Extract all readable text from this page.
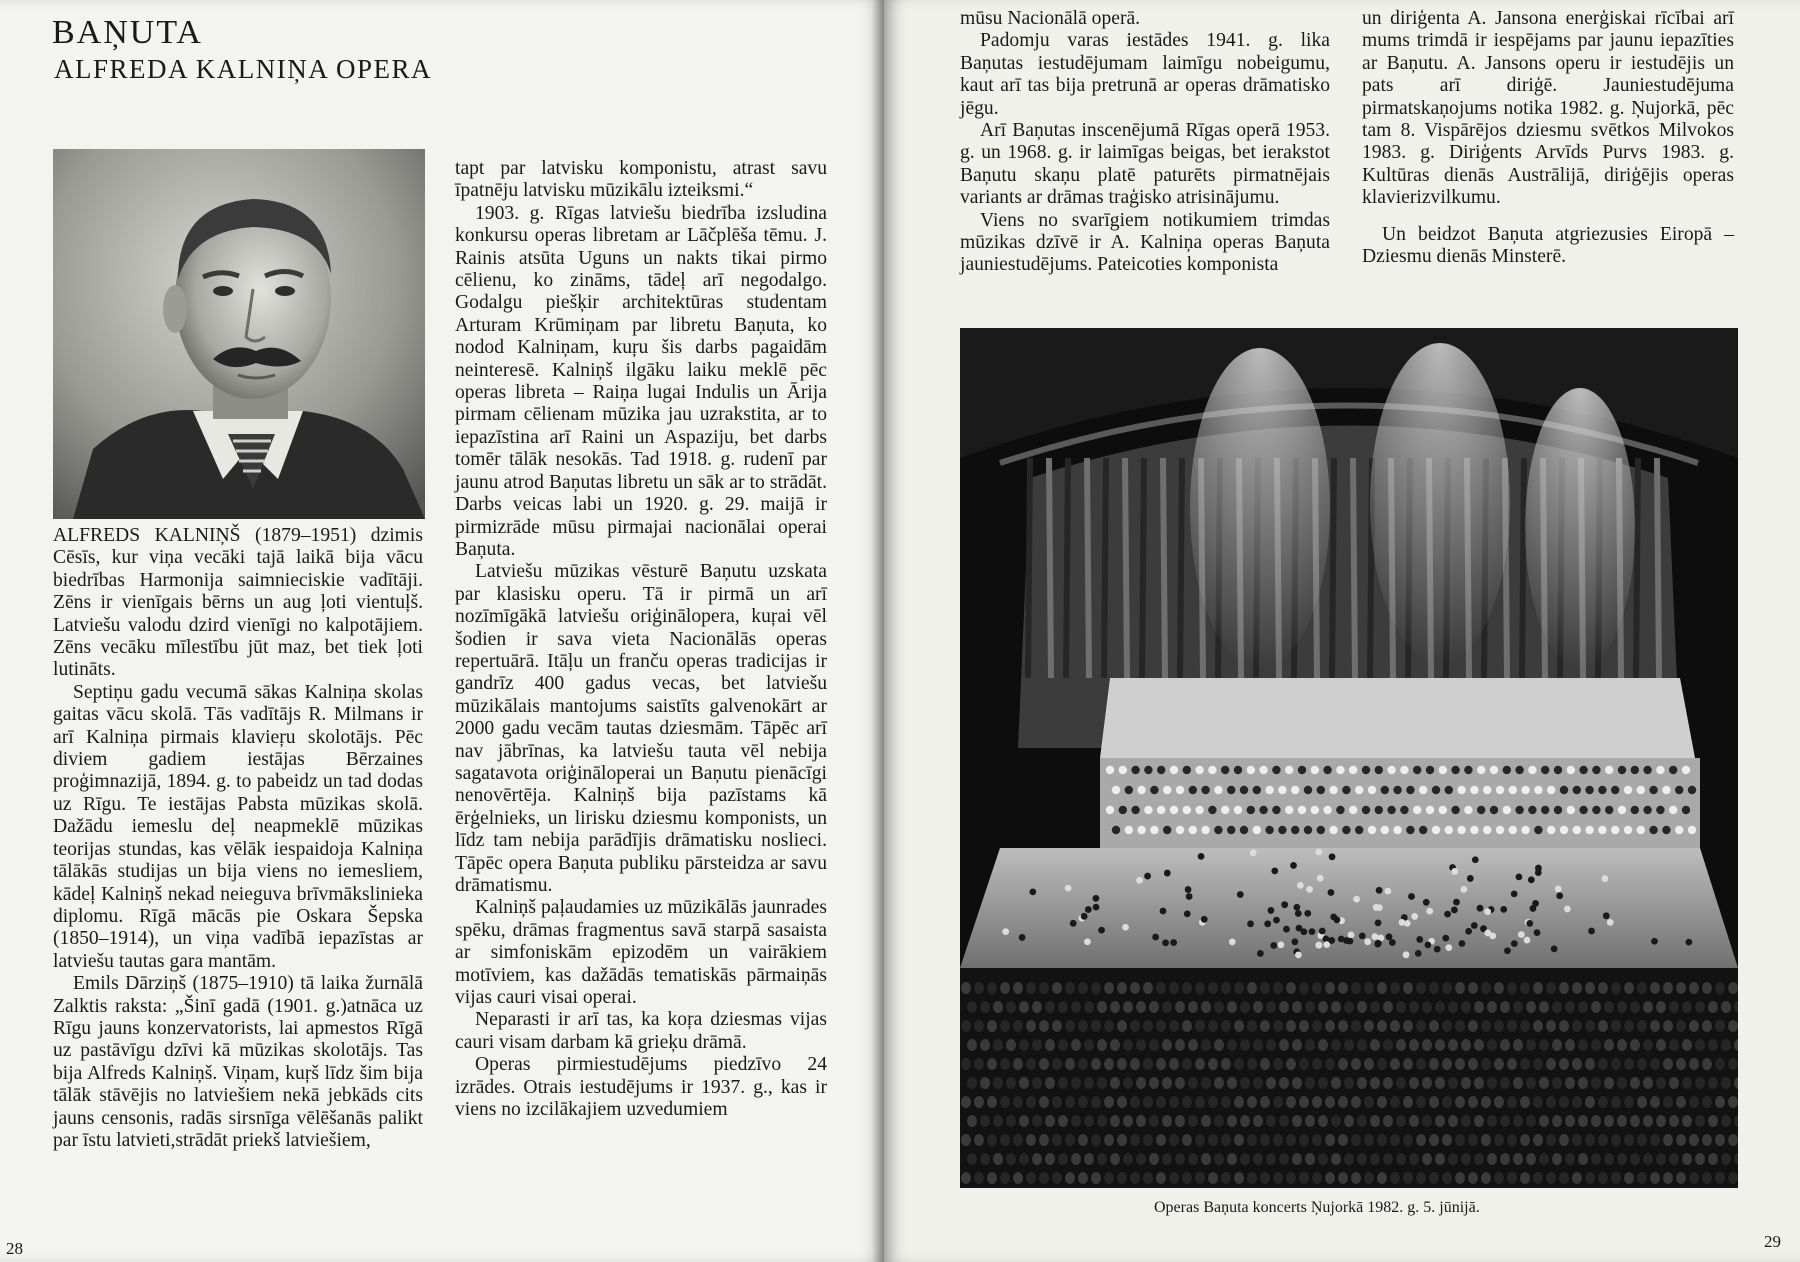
BAŅUTA
ALFREDA KALNIŅA OPERA

ALFREDS KALNIŅŠ (1879–1951) dzimis Cēsīs, kur viņa vecāki tajā laikā bija vācu biedrības Harmonija saimnieciskie vadītāji. Zēns ir vienīgais bērns un aug ļoti vientuļš. Latviešu valodu dzird vienīgi no kalpotājiem. Zēns vecāku mīlestību jūt maz, bet tiek ļoti lutināts.

Septiņu gadu vecumā sākas Kalniņa skolas gaitas vācu skolā. Tās vadītājs R. Milmans ir arī Kalniņa pirmais klavieŗu skolotājs. Pēc diviem gadiem iestājas Bērzaines proģimnazijā, 1894. g. to pabeidz un tad dodas uz Rīgu. Te iestājas Pabsta mūzikas skolā. Dažādu iemeslu deļ neapmeklē mūzikas teorijas stundas, kas vēlāk iespaidoja Kalniņa tālākās studijas un bija viens no iemesliem, kādeļ Kalniņš nekad neieguva brīvmākslinieka diplomu. Rīgā mācās pie Oskara Šepska (1850–1914), un viņa vadībā iepazīstas ar latviešu tautas gara mantām.

Emils Dārziņš (1875–1910) tā laika žurnālā Zalktis raksta: „Šinī gadā (1901. g.)atnāca uz Rīgu jauns konzervatorists, lai apmestos Rīgā uz pastāvīgu dzīvi kā mūzikas skolotājs. Tas bija Alfreds Kalniņš. Viņam, kuŗš līdz šim bija tālāk stāvējis no latviešiem nekā jebkāds cits jauns censonis, radās sirsnīga vēlēšanās palikt par īstu latvieti,strādāt priekš latviešiem,

tapt par latvisku komponistu, atrast savu īpatnēju latvisku mūzikālu izteiksmi.“

1903. g. Rīgas latviešu biedrība izsludina konkursu operas libretam ar Lāčplēša tēmu. J. Rainis atsūta Uguns un nakts tikai pirmo cēlienu, ko zināms, tādeļ arī negodalgo. Godalgu piešķir architektūras studentam Arturam Krūmiņam par libretu Baņuta, ko nodod Kalniņam, kuŗu šis darbs pagaidām neinteresē. Kalniņš ilgāku laiku meklē pēc operas libreta – Raiņa lugai Indulis un Ārija pirmam cēlienam mūzika jau uzrakstita, ar to iepazīstina arī Raini un Aspaziju, bet darbs tomēr tālāk nesokās. Tad 1918. g. rudenī par jaunu atrod Baņutas libretu un sāk ar to strādāt. Darbs veicas labi un 1920. g. 29. maijā ir pirmizrāde mūsu pirmajai nacionālai operai Baņuta.

Latviešu mūzikas vēsturē Baņutu uzskata par klasisku operu. Tā ir pirmā un arī nozīmīgākā latviešu oriģinālopera, kuŗai vēl šodien ir sava vieta Nacionālās operas repertuārā. Itāļu un franču operas tradicijas ir gandrīz 400 gadus vecas, bet latviešu mūzikālais mantojums saistīts galvenokārt ar 2000 gadu vecām tautas dziesmām. Tāpēc arī nav jābrīnas, ka latviešu tauta vēl nebija sagatavota oriģināloperai un Baņutu pienācīgi nenovērtēja. Kalniņš bija pazīstams kā ērģelnieks, un lirisku dziesmu komponists, un līdz tam nebija parādījis drāmatisku noslieci. Tāpēc opera Baņuta publiku pārsteidza ar savu drāmatismu.

Kalniņš paļaudamies uz mūzikālās jaunrades spēku, drāmas fragmentus savā starpā sasaista ar simfoniskām epizodēm un vairākiem motīviem, kas dažādās tematiskās pārmaiņās vijas cauri visai operai.

Neparasti ir arī tas, ka koŗa dziesmas vijas cauri visam darbam kā grieķu drāmā.

Operas pirmiestudējums piedzīvo 24 izrādes. Otrais iestudējums ir 1937. g., kas ir viens no izcilākajiem uzvedumiem

28

mūsu Nacionālā operā.

Padomju varas iestādes 1941. g. lika Baņutas iestudējumam laimīgu nobeigumu, kaut arī tas bija pretrunā ar operas drāmatisko jēgu.

Arī Baņutas inscenējumā Rīgas operā 1953. g. un 1968. g. ir laimīgas beigas, bet ierakstot Baņutu skaņu platē paturēts pirmatnējais variants ar drāmas traģisko atrisinājumu.

Viens no svarīgiem notikumiem trimdas mūzikas dzīvē ir A. Kalniņa operas Baņuta jauniestudējums. Pateicoties komponista

un diriģenta A. Jansona enerģiskai rīcībai arī mums trimdā ir iespējams par jaunu iepazīties ar Baņutu. A. Jansons operu ir iestudējis un pats arī diriģē. Jauniestudējuma pirmatskaņojums notika 1982. g. Ņujorkā, pēc tam 8. Vispārējos dziesmu svētkos Milvokos 1983. g. Diriģents Arvīds Purvs 1983. g. Kultūras dienās Austrālijā, diriģējis operas klavierizvilkumu.

Un beidzot Baņuta atgriezusies Eiropā – Dziesmu dienās Minsterē.

29
Operas Baņuta koncerts Ņujorkā 1982. g. 5. jūnijā.
